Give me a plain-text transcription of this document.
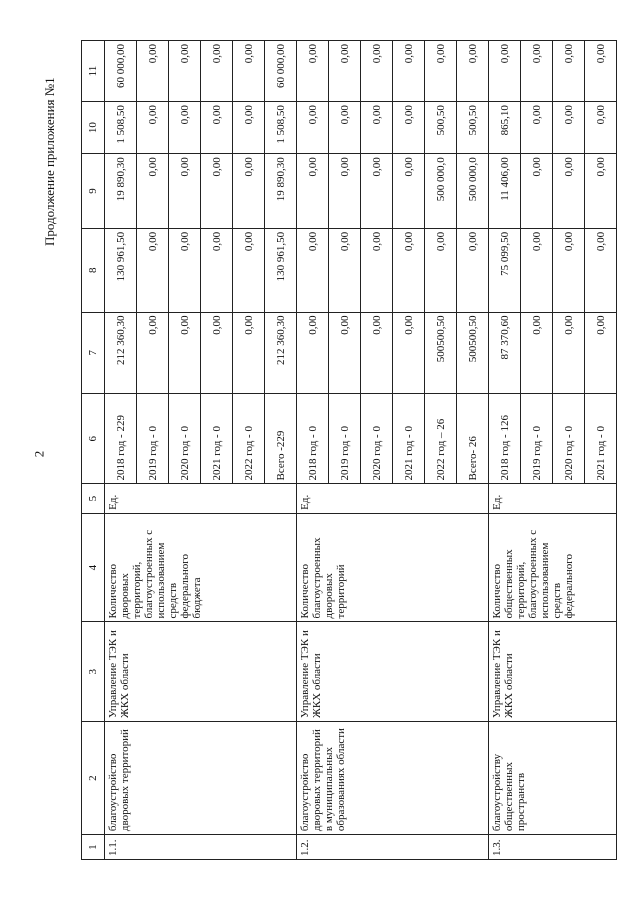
2
Продолжение приложения №1
1	2	3	4	5	6	7	8	9	10	11
1.1.	благоустройство дворовых территорий	Управление ТЭК и ЖКХ области	Количество дворовых территорий, благоустроенных с использованием средств федерального бюджета	Ед.	2018 год - 229	212 360,30	130 961,50	19 890,30	1 508,50	60 000,00
					2019 год - 0	0,00	0,00	0,00	0,00	0,00
					2020 год - 0	0,00	0,00	0,00	0,00	0,00
					2021 год - 0	0,00	0,00	0,00	0,00	0,00
					2022 год - 0	0,00	0,00	0,00	0,00	0,00
					Всего -229	212 360,30	130 961,50	19 890,30	1 508,50	60 000,00
1.2.	благоустройство дворовых территорий в муниципальных образованиях области	Управление ТЭК и ЖКХ области	Количество благоустроенных дворовых территорий	Ед.	2018 год - 0	0,00	0,00	0,00	0,00	0,00
					2019 год - 0	0,00	0,00	0,00	0,00	0,00
					2020 год - 0	0,00	0,00	0,00	0,00	0,00
					2021 год - 0	0,00	0,00	0,00	0,00	0,00
					2022 год – 26	500500,50	0,00	500 000,0	500,50	0,00
					Всего- 26	500500,50	0,00	500 000,0	500,50	0,00
1.3.	благоустройству общественных пространств	Управление ТЭК и ЖКХ области	Количество общественных территорий, благоустроенных с использованием средств федерального	Ед.	2018 год - 126	87 370,60	75 099,50	11 406,00	865,10	0,00
					2019 год - 0	0,00	0,00	0,00	0,00	0,00
					2020 год - 0	0,00	0,00	0,00	0,00	0,00
					2021 год - 0	0,00	0,00	0,00	0,00	0,00
